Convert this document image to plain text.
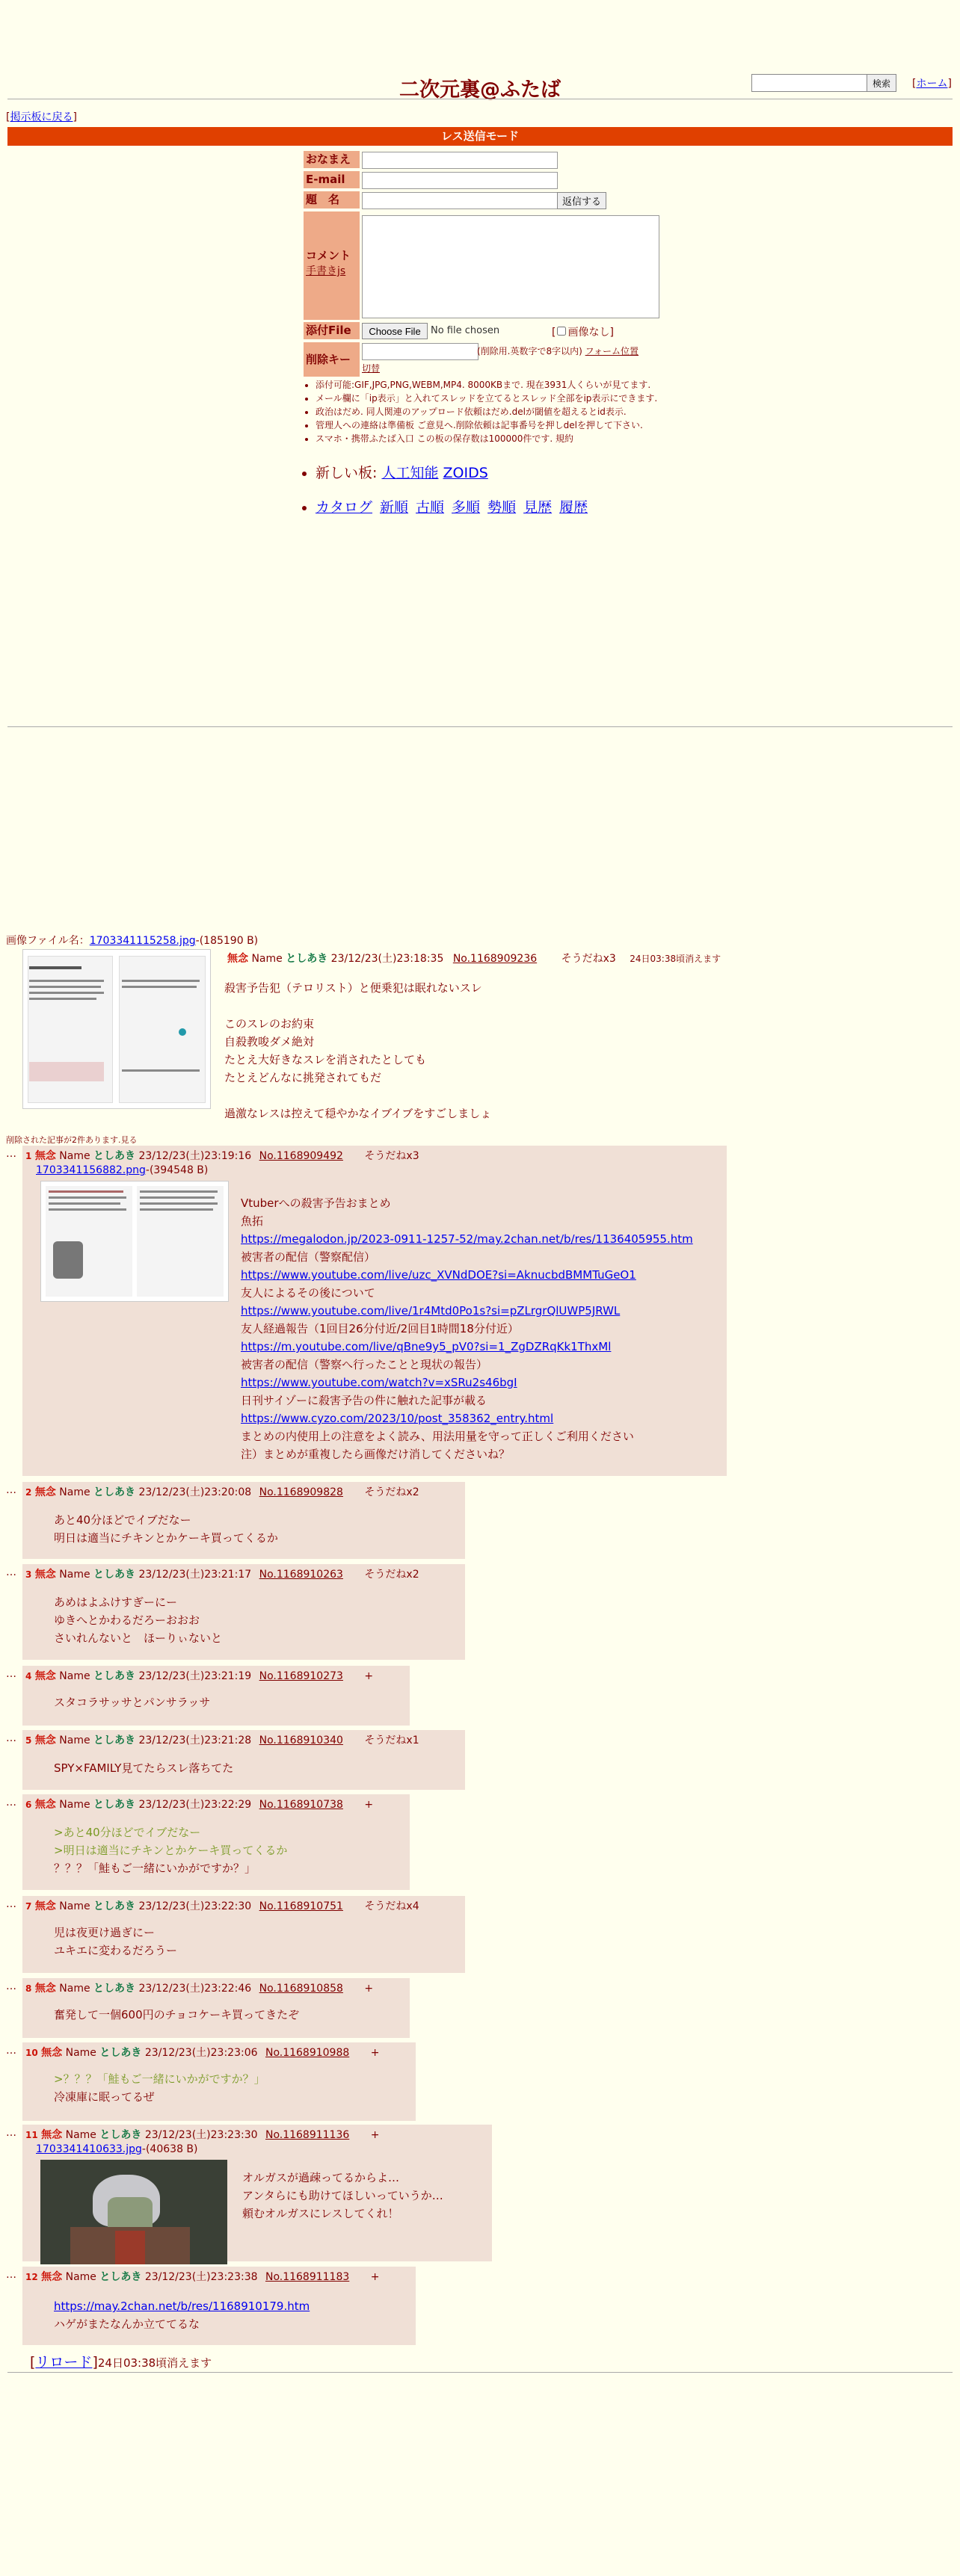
二次元裏@ふたば	検索	[ホーム]
[掲示板に戻る]
レス送信モード
おなまえ
E-mail
題　名	返信する
コメント
手書きjs
添付File	Choose File	No file chosen	[ 画像なし]
削除キー
(削除用.英数字で8字以内) フォーム位置
切替
• 添付可能:GIF,JPG,PNG,WEBM,MP4. 8000KBまで. 現在3931人くらいが見てます.
• メール欄に「ip表示」と入れてスレッドを立てるとスレッド全部をip表示にできます.
• 政治はだめ. 同人関連のアップロード依頼はだめ.delが閾値を超えるとid表示.
• 管理人への連絡は準備板 ご意見へ.削除依頼は記事番号を押しdelを押して下さい.
• スマホ・携帯ふたば入口 この板の保存数は100000件です. 規約
• 新しい板: 人工知能 ZOIDS
• カタログ 新順 古順 多順 勢順 見歴 履歴
画像ファイル名：1703341115258.jpg-(185190 B)
無念 Name としあき 23/12/23(土)23:18:35 No.1168909236 そうだねx3 24日03:38頃消えます
殺害予告犯（テロリスト）と便乗犯は眠れないスレ
このスレのお約束
自殺教唆ダメ絶対
たとえ大好きなスレを消されたとしても
たとえどんなに挑発されてもだ
過激なレスは控えて穏やかなイブイブをすごしましょ
削除された記事が2件あります.見る
… 1 無念 Name としあき 23/12/23(土)23:19:16 No.1168909492 そうだねx3
1703341156882.png-(394548 B)
Vtuberへの殺害予告おまとめ
魚拓
https://megalodon.jp/2023-0911-1257-52/may.2chan.net/b/res/1136405955.htm
被害者の配信（警察配信）
https://www.youtube.com/live/uzc_XVNdDOE?si=AknucbdBMMTuGeO1
友人によるその後について
https://www.youtube.com/live/1r4Mtd0Po1s?si=pZLrgrQlUWP5JRWL
友人経過報告（1回目26分付近/2回目1時間18分付近）
https://m.youtube.com/live/qBne9y5_pV0?si=1_ZgDZRqKk1ThxMl
被害者の配信（警察へ行ったことと現状の報告）
https://www.youtube.com/watch?v=xSRu2s46bgI
日刊サイゾーに殺害予告の件に触れた記事が載る
https://www.cyzo.com/2023/10/post_358362_entry.html
まとめの内使用上の注意をよく読み、用法用量を守って正しくご利用ください
注）まとめが重複したら画像だけ消してくださいね？
… 2 無念 Name としあき 23/12/23(土)23:20:08 No.1168909828 そうだねx2
あと40分ほどでイブだなー
明日は適当にチキンとかケーキ買ってくるか
… 3 無念 Name としあき 23/12/23(土)23:21:17 No.1168910263 そうだねx2
あめはよふけすぎーにー
ゆきへとかわるだろーおおお
さいれんないと　ほーりぃないと
… 4 無念 Name としあき 23/12/23(土)23:21:19 No.1168910273 +
スタコラサッサとパンサラッサ
… 5 無念 Name としあき 23/12/23(土)23:21:28 No.1168910340 そうだねx1
SPY×FAMILY見てたらスレ落ちてた
… 6 無念 Name としあき 23/12/23(土)23:22:29 No.1168910738 +
>あと40分ほどでイブだなー
>明日は適当にチキンとかケーキ買ってくるか
？？？「鮭もご一緒にいかがですか？」
… 7 無念 Name としあき 23/12/23(土)23:22:30 No.1168910751 そうだねx4
児は夜更け過ぎにー
ユキエに変わるだろうー
… 8 無念 Name としあき 23/12/23(土)23:22:46 No.1168910858 +
奮発して一個600円のチョコケーキ買ってきたぞ
… 10 無念 Name としあき 23/12/23(土)23:23:06 No.1168910988 +
>？？？「鮭もご一緒にいかがですか？」
冷凍庫に眠ってるぜ
… 11 無念 Name としあき 23/12/23(土)23:23:30 No.1168911136 +
1703341410633.jpg-(40638 B)
オルガスが過疎ってるからよ…
アンタらにも助けてほしいっていうか…
頼むオルガスにレスしてくれ！
… 12 無念 Name としあき 23/12/23(土)23:23:38 No.1168911183 +
https://may.2chan.net/b/res/1168910179.htm
ハゲがまたなんか立ててるな
[リロード]24日03:38頃消えます
